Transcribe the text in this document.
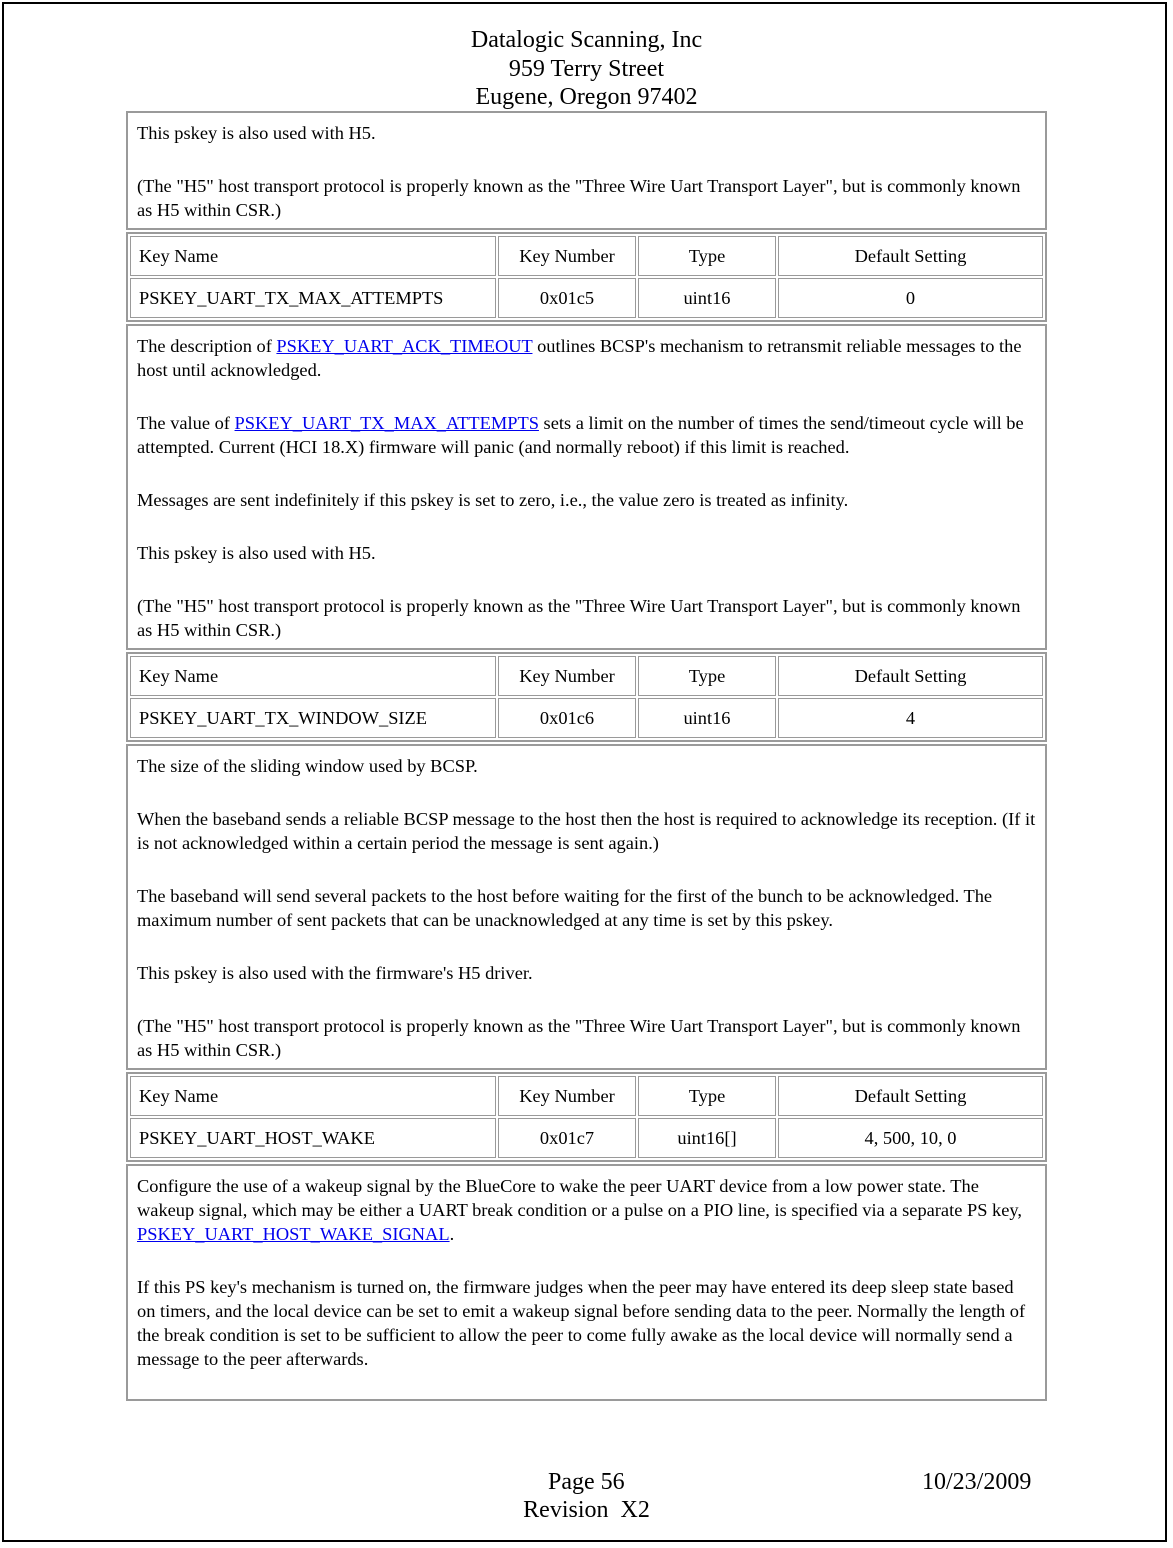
Datalogic Scanning, Inc
959 Terry Street
Eugene, Oregon 97402

This pskey is also used with H5.

(The "H5" host transport protocol is properly known as the "Three Wire Uart Transport Layer", but is commonly known as H5 within CSR.)

Key Name	Key Number	Type	Default Setting
PSKEY_UART_TX_MAX_ATTEMPTS	0x01c5	uint16	0

The description of PSKEY_UART_ACK_TIMEOUT outlines BCSP's mechanism to retransmit reliable messages to the host until acknowledged.

The value of PSKEY_UART_TX_MAX_ATTEMPTS sets a limit on the number of times the send/timeout cycle will be attempted. Current (HCI 18.X) firmware will panic (and normally reboot) if this limit is reached.

Messages are sent indefinitely if this pskey is set to zero, i.e., the value zero is treated as infinity.

This pskey is also used with H5.

(The "H5" host transport protocol is properly known as the "Three Wire Uart Transport Layer", but is commonly known as H5 within CSR.)

Key Name	Key Number	Type	Default Setting
PSKEY_UART_TX_WINDOW_SIZE	0x01c6	uint16	4

The size of the sliding window used by BCSP.

When the baseband sends a reliable BCSP message to the host then the host is required to acknowledge its reception. (If it is not acknowledged within a certain period the message is sent again.)

The baseband will send several packets to the host before waiting for the first of the bunch to be acknowledged. The maximum number of sent packets that can be unacknowledged at any time is set by this pskey.

This pskey is also used with the firmware's H5 driver.

(The "H5" host transport protocol is properly known as the "Three Wire Uart Transport Layer", but is commonly known as H5 within CSR.)

Key Name	Key Number	Type	Default Setting
PSKEY_UART_HOST_WAKE	0x01c7	uint16[]	4, 500, 10, 0

Configure the use of a wakeup signal by the BlueCore to wake the peer UART device from a low power state. The wakeup signal, which may be either a UART break condition or a pulse on a PIO line, is specified via a separate PS key, PSKEY_UART_HOST_WAKE_SIGNAL.

If this PS key's mechanism is turned on, the firmware judges when the peer may have entered its deep sleep state based on timers, and the local device can be set to emit a wakeup signal before sending data to the peer. Normally the length of the break condition is set to be sufficient to allow the peer to come fully awake as the local device will normally send a message to the peer afterwards.

Page 56	10/23/2009
Revision  X2
